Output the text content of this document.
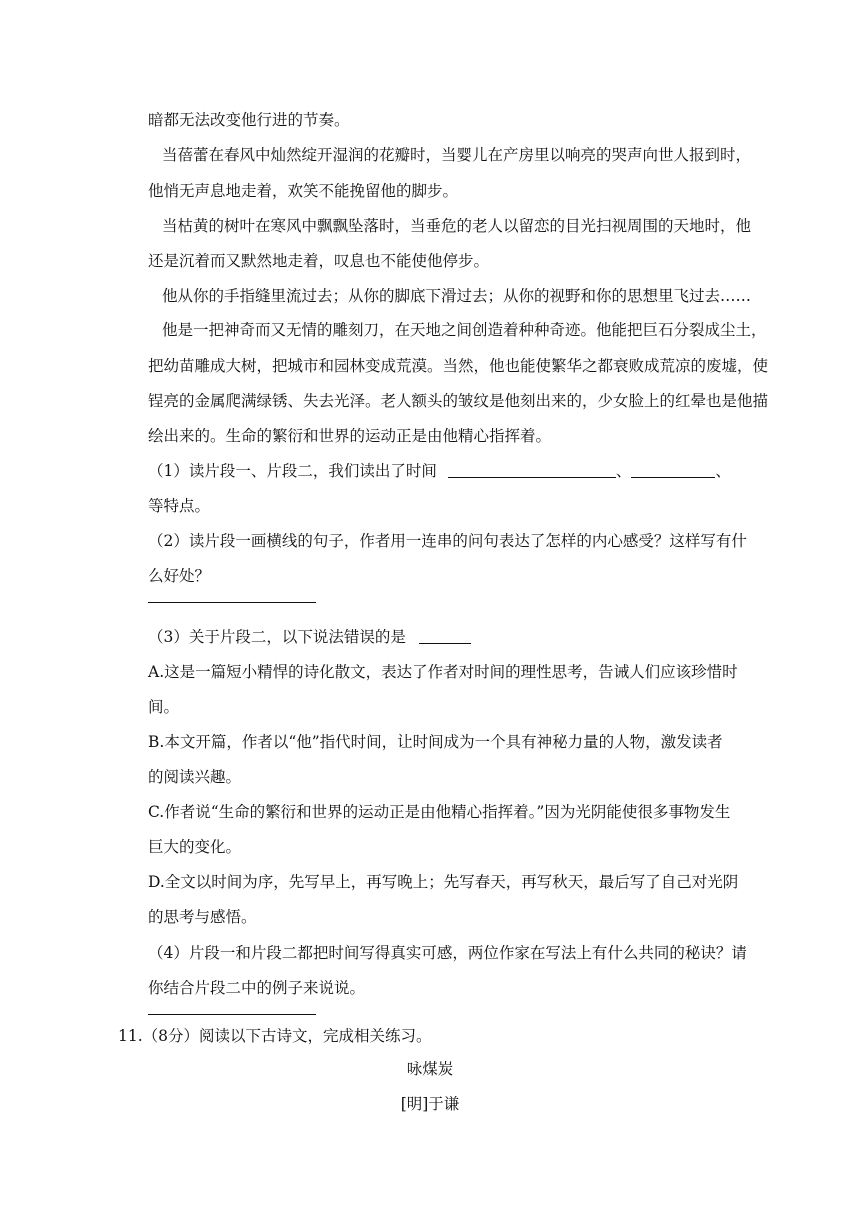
暗都无法改变他行进的节奏。
当蓓蕾在春风中灿然绽开湿润的花瓣时，当婴儿在产房里以响亮的哭声向世人报到时，
他悄无声息地走着，欢笑不能挽留他的脚步。
当枯黄的树叶在寒风中飘飘坠落时，当垂危的老人以留恋的目光扫视周围的天地时，他
还是沉着而又默然地走着，叹息也不能使他停步。
他从你的手指缝里流过去；从你的脚底下滑过去；从你的视野和你的思想里飞过去……
他是一把神奇而又无情的雕刻刀，在天地之间创造着种种奇迹。他能把巨石分裂成尘土，
把幼苗雕成大树，把城市和园林变成荒漠。当然，他也能使繁华之都衰败成荒凉的废墟，使
锃亮的金属爬满绿锈、失去光泽。老人额头的皱纹是他刻出来的，少女脸上的红晕也是他描
绘出来的。生命的繁衍和世界的运动正是由他精心指挥着。
（1）读片段一、片段二，我们读出了时间	、	、
等特点。
（2）读片段一画横线的句子，作者用一连串的问句表达了怎样的内心感受？这样写有什
么好处？
（3）关于片段二，以下说法错误的是
A.这是一篇短小精悍的诗化散文，表达了作者对时间的理性思考，告诫人们应该珍惜时
间。
B.本文开篇，作者以“他”指代时间，让时间成为一个具有神秘力量的人物，激发读者
的阅读兴趣。
C.作者说“生命的繁衍和世界的运动正是由他精心指挥着。”因为光阴能使很多事物发生
巨大的变化。
D.全文以时间为序，先写早上，再写晚上；先写春天，再写秋天，最后写了自己对光阴
的思考与感悟。
（4）片段一和片段二都把时间写得真实可感，两位作家在写法上有什么共同的秘诀？请
你结合片段二中的例子来说说。
11.（8分）阅读以下古诗文，完成相关练习。
咏煤炭
[明]于谦
